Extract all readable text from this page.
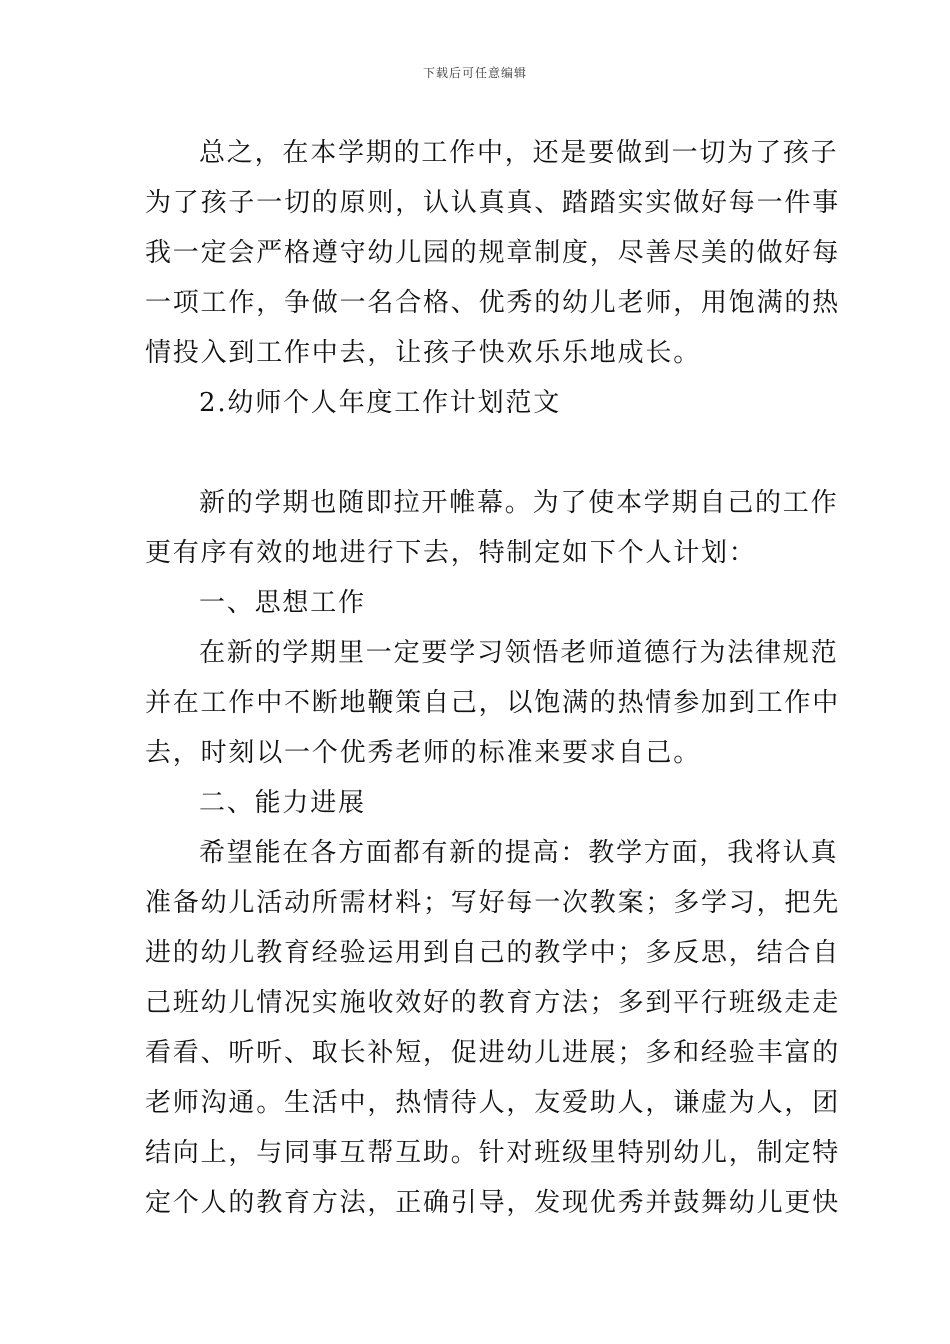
下载后可任意编辑
总之，在本学期的工作中，还是要做到一切为了孩子
为了孩子一切的原则，认认真真、踏踏实实做好每一件事
我一定会严格遵守幼儿园的规章制度，尽善尽美的做好每
一项工作，争做一名合格、优秀的幼儿老师，用饱满的热
情投入到工作中去，让孩子快欢乐乐地成长。
2.幼师个人年度工作计划范文
新的学期也随即拉开帷幕。为了使本学期自己的工作
更有序有效的地进行下去，特制定如下个人计划：
一、思想工作
在新的学期里一定要学习领悟老师道德行为法律规范
并在工作中不断地鞭策自己，以饱满的热情参加到工作中
去，时刻以一个优秀老师的标准来要求自己。
二、能力进展
希望能在各方面都有新的提高：教学方面，我将认真
准备幼儿活动所需材料；写好每一次教案；多学习，把先
进的幼儿教育经验运用到自己的教学中；多反思，结合自
己班幼儿情况实施收效好的教育方法；多到平行班级走走
看看、听听、取长补短，促进幼儿进展；多和经验丰富的
老师沟通。生活中，热情待人，友爱助人，谦虚为人，团
结向上，与同事互帮互助。针对班级里特别幼儿，制定特
定个人的教育方法，正确引导，发现优秀并鼓舞幼儿更快
